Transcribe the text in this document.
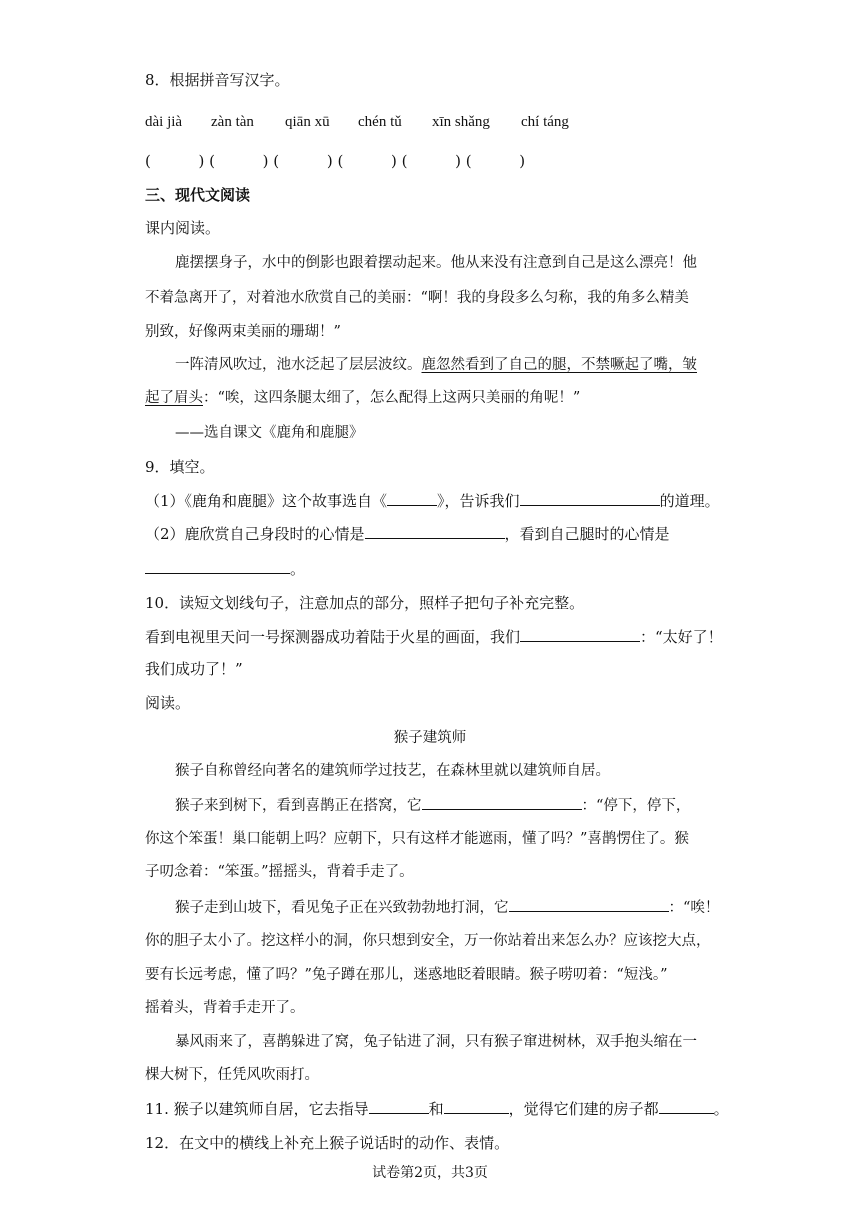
8．根据拼音写汉字。
dài jià zàn tàn qiān xū chén tǔ xīn shǎng chí táng
(          ) (          ) (          ) (          ) (          ) (          )
三、现代文阅读
课内阅读。
鹿摆摆身子，水中的倒影也跟着摆动起来。他从来没有注意到自己是这么漂亮！他
不着急离开了，对着池水欣赏自己的美丽：“啊！我的身段多么匀称，我的角多么精美
别致，好像两束美丽的珊瑚！”
一阵清风吹过，池水泛起了层层波纹。鹿忽然看到了自己的腿，不禁噘起了嘴，皱
起了眉头：“唉，这四条腿太细了，怎么配得上这两只美丽的角呢！”
——选自课文《鹿角和鹿腿》
9．填空。
（1）《鹿角和鹿腿》这个故事选自《	》，告诉我们	的道理。
（2）鹿欣赏自己身段时的心情是	，看到自己腿时的心情是
。
10．读短文划线句子，注意加点的部分，照样子把句子补充完整。
看到电视里天问一号探测器成功着陆于火星的画面，我们	：“太好了！
我们成功了！”
阅读。
猴子建筑师
猴子自称曾经向著名的建筑师学过技艺，在森林里就以建筑师自居。
猴子来到树下，看到喜鹊正在搭窝，它	：“停下，停下，
你这个笨蛋！巢口能朝上吗？应朝下，只有这样才能遮雨，懂了吗？”喜鹊愣住了。猴
子叨念着：“笨蛋。”摇摇头，背着手走了。
猴子走到山坡下，看见兔子正在兴致勃勃地打洞，它	：“唉！
你的胆子太小了。挖这样小的洞，你只想到安全，万一你站着出来怎么办？应该挖大点，
要有长远考虑，懂了吗？”兔子蹲在那儿，迷惑地眨着眼睛。猴子唠叨着：“短浅。”
摇着头，背着手走开了。
暴风雨来了，喜鹊躲进了窝，兔子钻进了洞，只有猴子窜进树林，双手抱头缩在一
棵大树下，任凭风吹雨打。
11. 猴子以建筑师自居，它去指导	和	，觉得它们建的房子都	。
12．在文中的横线上补充上猴子说话时的动作、表情。
试卷第2页，共3页
